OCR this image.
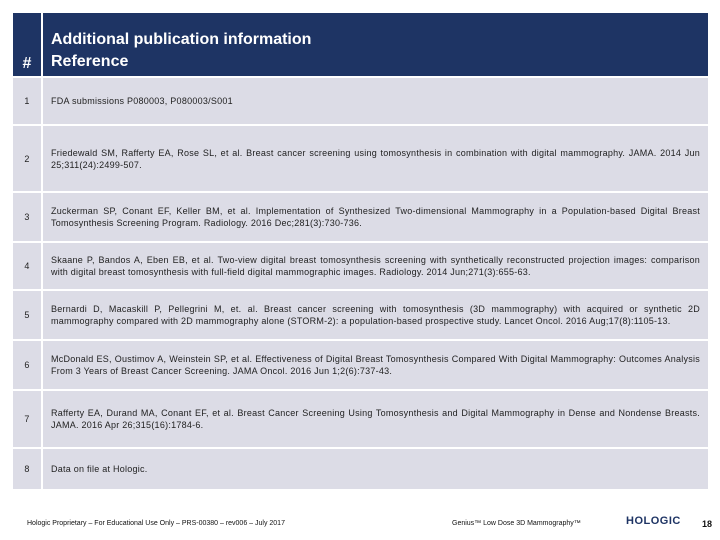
#	Additional publication information
Reference

1	FDA submissions P080003, P080003/S001
2	Friedewald SM, Rafferty EA, Rose SL, et al. Breast cancer screening using tomosynthesis in combination with digital mammography. JAMA. 2014 Jun 25;311(24):2499-507.
3	Zuckerman SP, Conant EF, Keller BM, et al. Implementation of Synthesized Two-dimensional Mammography in a Population-based Digital Breast Tomosynthesis Screening Program. Radiology. 2016 Dec;281(3):730-736.
4	Skaane P, Bandos A, Eben EB, et al. Two-view digital breast tomosynthesis screening with synthetically reconstructed projection images: comparison with digital breast tomosynthesis with full-field digital mammographic images. Radiology. 2014 Jun;271(3):655-63.
5	Bernardi D, Macaskill P, Pellegrini M, et. al. Breast cancer screening with tomosynthesis (3D mammography) with acquired or synthetic 2D mammography compared with 2D mammography alone (STORM-2): a population-based prospective study. Lancet Oncol. 2016 Aug;17(8):1105-13.
6	McDonald ES, Oustimov A, Weinstein SP, et al. Effectiveness of Digital Breast Tomosynthesis Compared With Digital Mammography: Outcomes Analysis From 3 Years of Breast Cancer Screening. JAMA Oncol. 2016 Jun 1;2(6):737-43.
7	Rafferty EA, Durand MA, Conant EF, et al. Breast Cancer Screening Using Tomosynthesis and Digital Mammography in Dense and Nondense Breasts. JAMA. 2016 Apr 26;315(16):1784-6.
8	Data on file at Hologic.
Hologic Proprietary – For Educational Use Only – PRS-00380 – rev006 – July 2017	Genius™ Low Dose 3D Mammography™	HOLOGIC 18
